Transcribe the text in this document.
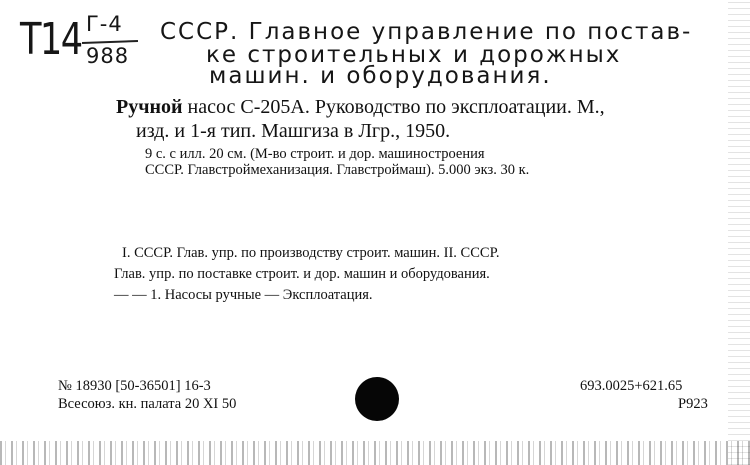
Т14 Г-4
988
СССР. Главное управление по постав-
ке строительных и дорожных
машин. и оборудования.
Ручной насос С-205А. Руководство по эксплоатации. М.,
изд. и 1-я тип. Машгиза в Лгр., 1950.
9 с. с илл. 20 см. (М-во строит. и дор. машиностроения
СССР. Главстроймеханизация. Главстроймаш). 5.000 экз. 30 к.
I. СССР. Глав. упр. по производству строит. машин. II. СССР.
Глав. упр. по поставке строит. и дор. машин и оборудования.
— — 1. Насосы ручные — Эксплоатация.
№ 18930 [50-36501] 16-3
Всесоюз. кн. палата 20 XI 50
693.0025+621.65
Р923
